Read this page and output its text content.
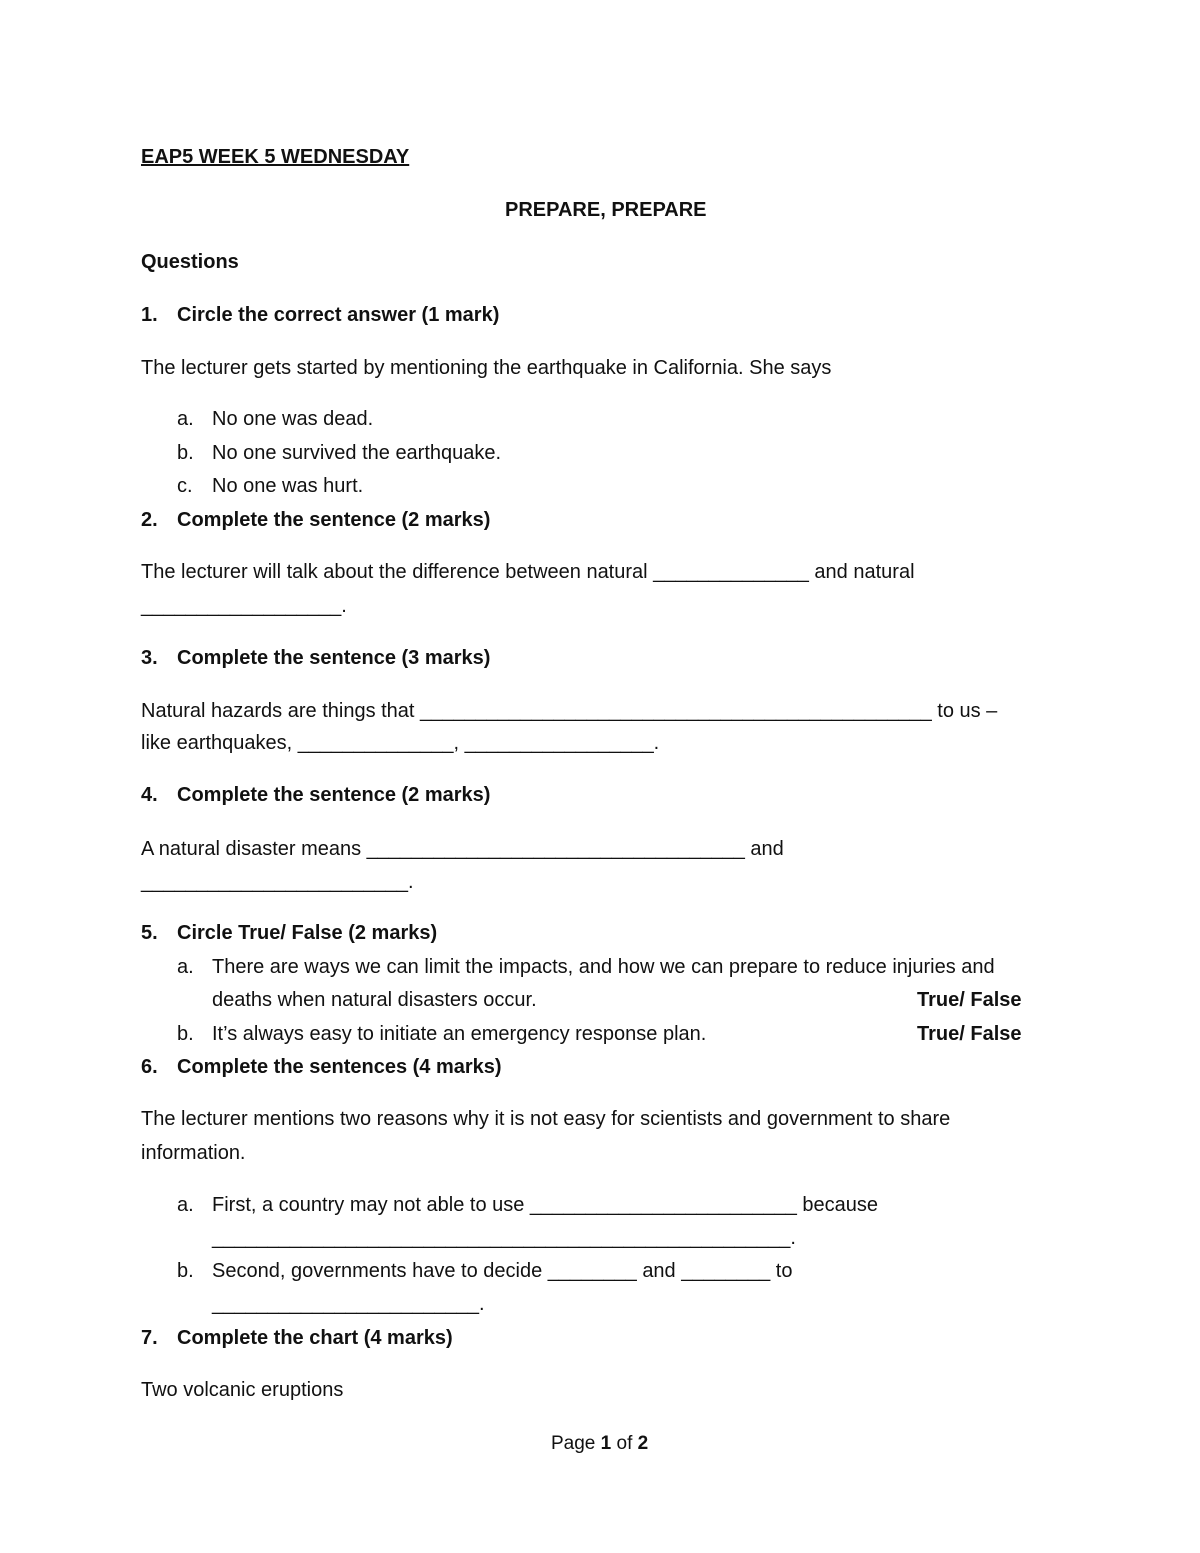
EAP5 WEEK 5 WEDNESDAY
PREPARE, PREPARE
Questions
1. Circle the correct answer (1 mark)
The lecturer gets started by mentioning the earthquake in California. She says
a. No one was dead.
b. No one survived the earthquake.
c. No one was hurt.
2. Complete the sentence (2 marks)
The lecturer will talk about the difference between natural ______________ and natural
__________________.
3. Complete the sentence (3 marks)
Natural hazards are things that ______________________________________________ to us –
like earthquakes, ______________, _________________.
4. Complete the sentence (2 marks)
A natural disaster means __________________________________ and
________________________.
5. Circle True/ False (2 marks)
a. There are ways we can limit the impacts, and how we can prepare to reduce injuries and
deaths when natural disasters occur.	True/ False
b. It’s always easy to initiate an emergency response plan.	True/ False
6. Complete the sentences (4 marks)
The lecturer mentions two reasons why it is not easy for scientists and government to share
information.
a. First, a country may not able to use ________________________ because
____________________________________________________.
b. Second, governments have to decide ________ and ________ to
________________________.
7. Complete the chart (4 marks)
Two volcanic eruptions
Page 1 of 2
